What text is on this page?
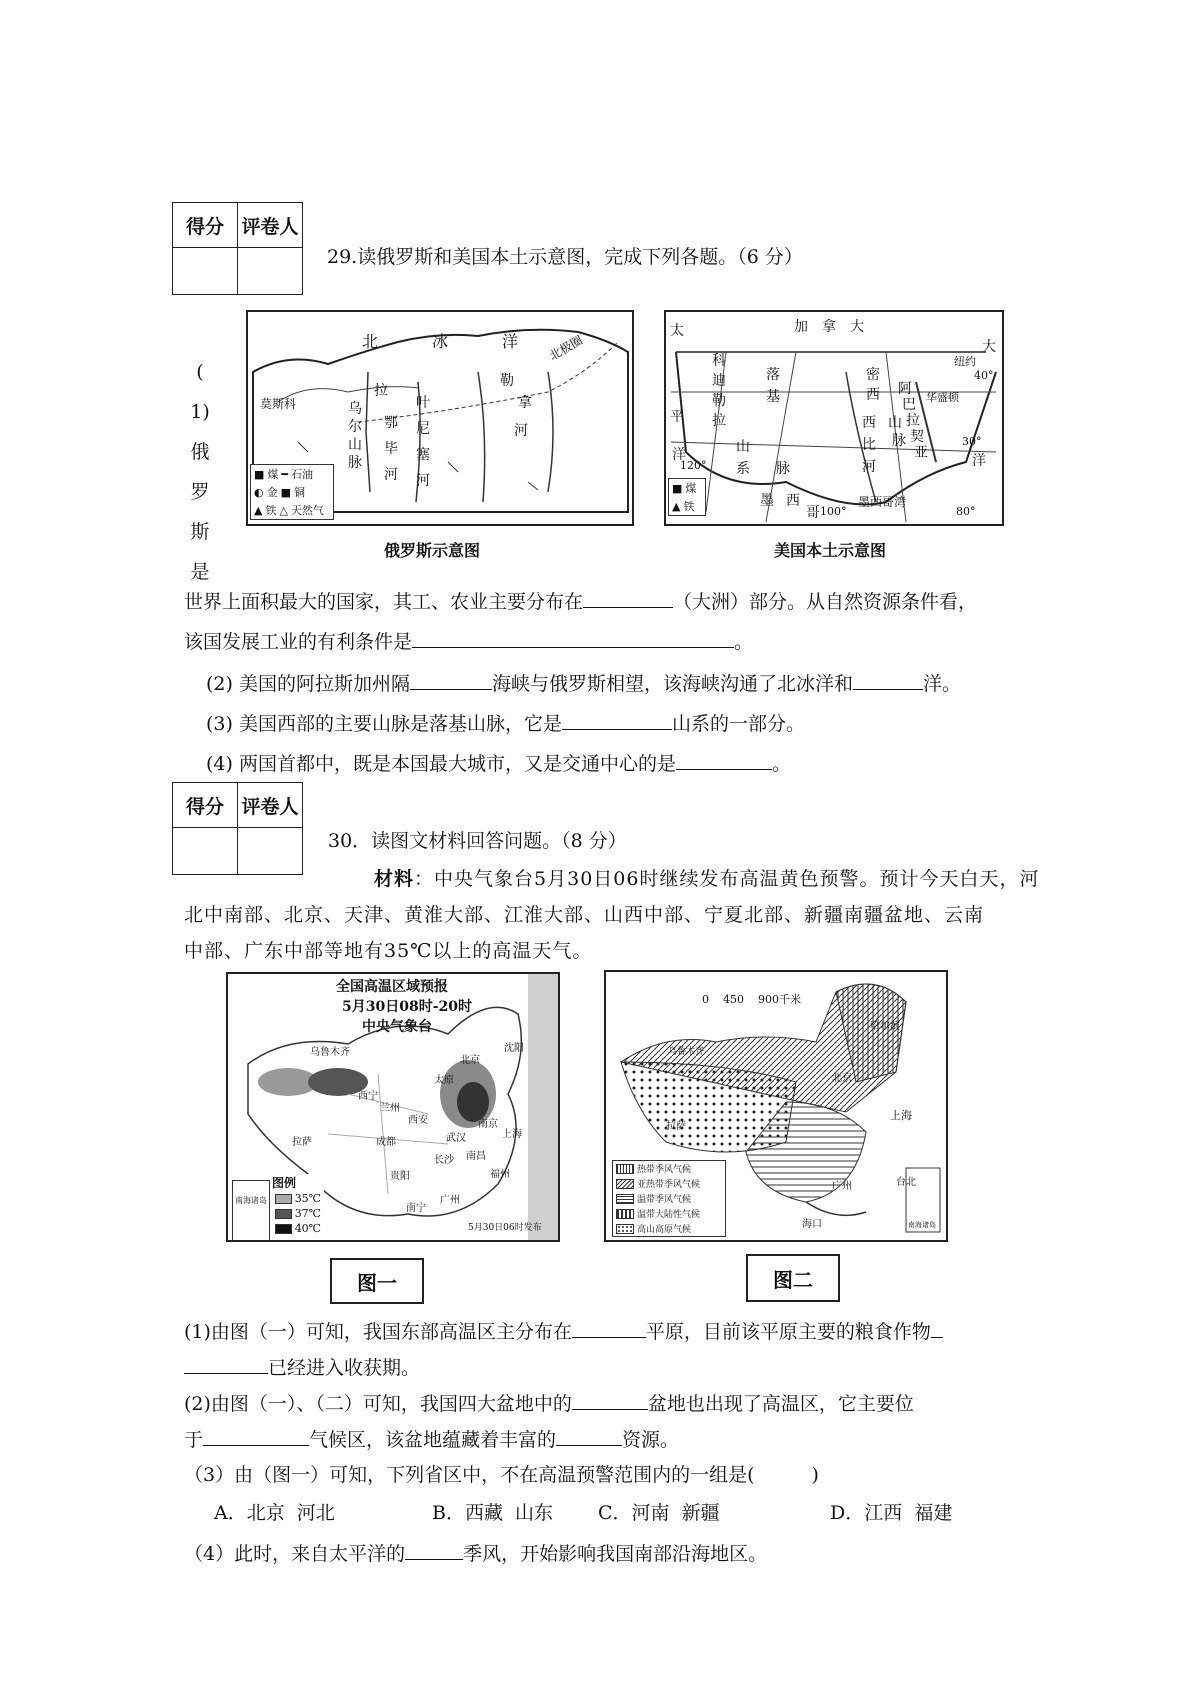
得分	评卷人

29.读俄罗斯和美国本土示意图，完成下列各题。（6 分）
(
1)
俄
罗
斯
是
北	冰	洋
莫斯科
拉
乌
尔
山
脉
鄂
毕
河
叶
尼
塞
河
勒
拿
河
北极圈
■ 煤 ━ 石油
◐ 金 ■ 铜
▲ 铁 △ 天然气
俄罗斯示意图
太	加 拿 大
科
迪
勒
拉
落
基
山
系 脉
密
西
西
比
河
阿
巴
拉
契
亚
山
脉
大
纽约
华盛顿
40°
30°
洋
平
洋
120°
100°	80°
墨 西
哥
墨西哥湾
■ 煤
▲ 铁
美国本土示意图
世界上面积最大的国家，其工、农业主要分布在	（大洲）部分。从自然资源条件看，
该国发展工业的有利条件是	。
(2) 美国的阿拉斯加州隔	海峡与俄罗斯相望，该海峡沟通了北冰洋和	洋。
(3) 美国西部的主要山脉是落基山脉，它是	山系的一部分。
(4) 两国首都中，既是本国最大城市，又是交通中心的是	。
得分	评卷人

30．读图文材料回答问题。（8 分）
材料：中央气象台5月30日06时继续发布高温黄色预警。预计今天白天，河
北中南部、北京、天津、黄淮大部、江淮大部、山西中部、宁夏北部、新疆南疆盆地、云南
中部、广东中部等地有35℃以上的高温天气。
全国高温区域预报
5月30日08时-20时
中央气象台
乌鲁木齐
北京
沈阳
太原
西宁
兰州
西安
成都
拉萨
贵阳
长沙 南昌
福州
南宁
广州
南京
上海
武汉
南海诸岛
图例
35℃
37℃
40℃	5月30日06时发布
0    450    900千米
哈尔滨
北京
上海
拉萨
台北
广州
海口
乌鲁木齐
热带季风气候
亚热带季风气候
温带季风气候
温带大陆性气候
高山高原气候	南海诸岛
图一	图二
(1)由图（一）可知，我国东部高温区主分布在	平原，目前该平原主要的粮食作物
已经进入收获期。
(2)由图（一）、（二）可知，我国四大盆地中的	盆地也出现了高温区，它主要位
于	气候区，该盆地蕴藏着丰富的	资源。
（3）由（图一）可知，下列省区中，不在高温预警范围内的一组是(　　　)
A．北京  河北	B．西藏  山东 C．河南  新疆	D．江西  福建
（4）此时，来自太平洋的	季风，开始影响我国南部沿海地区。
